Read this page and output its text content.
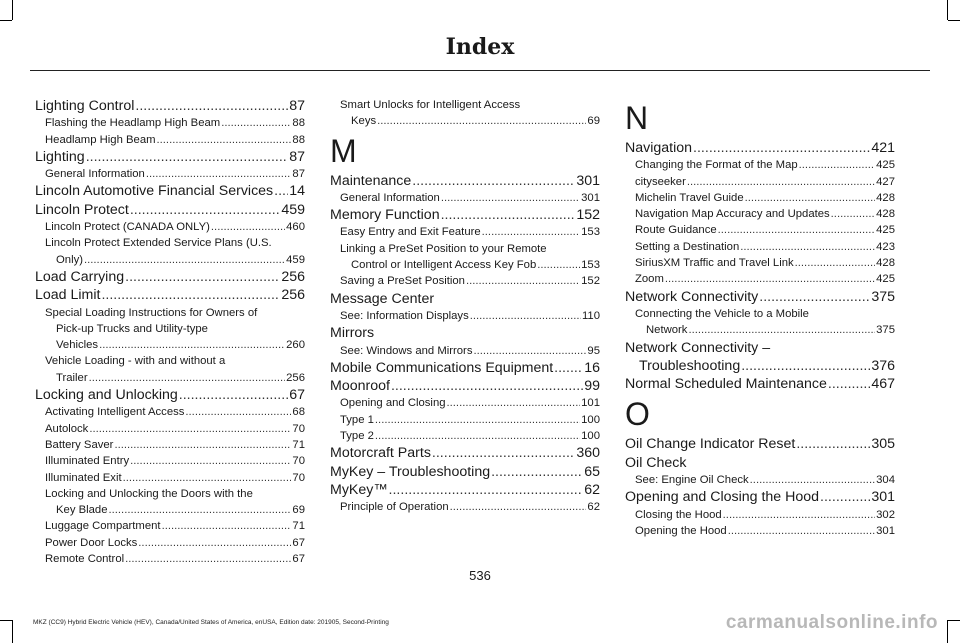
Index
Lighting Control .....	87
Flashing the Headlamp High Beam .....	88
Headlamp High Beam .....	88
Lighting .....	87
General Information .....	87
Lincoln Automotive Financial Services ..... 14
Lincoln Protect .....	459
Lincoln Protect (CANADA ONLY) .....	460
Lincoln Protect Extended Service Plans (U.S.
Only) .....	459
Load Carrying .....	256
Load Limit .....	256
Special Loading Instructions for Owners of
Pick-up Trucks and Utility-type
Vehicles .....	260
Vehicle Loading - with and without a
Trailer .....	256
Locking and Unlocking .....	67
Activating Intelligent Access .....	68
Autolock .....	70
Battery Saver .....	71
Illuminated Entry .....	70
Illuminated Exit .....	70
Locking and Unlocking the Doors with the
Key Blade .....	69
Luggage Compartment .....	71
Power Door Locks .....	67
Remote Control .....	67
Smart Unlocks for Intelligent Access
Keys .....	69
M
Maintenance .....	301
General Information .....	301
Memory Function .....	152
Easy Entry and Exit Feature .....	153
Linking a PreSet Position to your Remote
Control or Intelligent Access Key Fob .....	153
Saving a PreSet Position .....	152
Message Center
See: Information Displays .....	110
Mirrors
See: Windows and Mirrors .....	95
Mobile Communications Equipment ..... 16
Moonroof .....	99
Opening and Closing .....	101
Type 1 .....	100
Type 2 .....	100
Motorcraft Parts .....	360
MyKey – Troubleshooting .....	65
MyKey™ .....	62
Principle of Operation .....	62
N
Navigation .....	421
Changing the Format of the Map .....	425
cityseeker .....	427
Michelin Travel Guide .....	428
Navigation Map Accuracy and Updates .....	428
Route Guidance .....	425
Setting a Destination .....	423
SiriusXM Traffic and Travel Link .....	428
Zoom .....	425
Network Connectivity .....	375
Connecting the Vehicle to a Mobile
Network .....	375
Network Connectivity –
Troubleshooting .....	376
Normal Scheduled Maintenance .....	467
O
Oil Change Indicator Reset .....	305
Oil Check
See: Engine Oil Check .....	304
Opening and Closing the Hood .....	301
Closing the Hood .....	302
Opening the Hood .....	301
536
MKZ (CC9) Hybrid Electric Vehicle (HEV), Canada/United States of America, enUSA, Edition date: 201905, Second-Printing	carmanualsonline.info
